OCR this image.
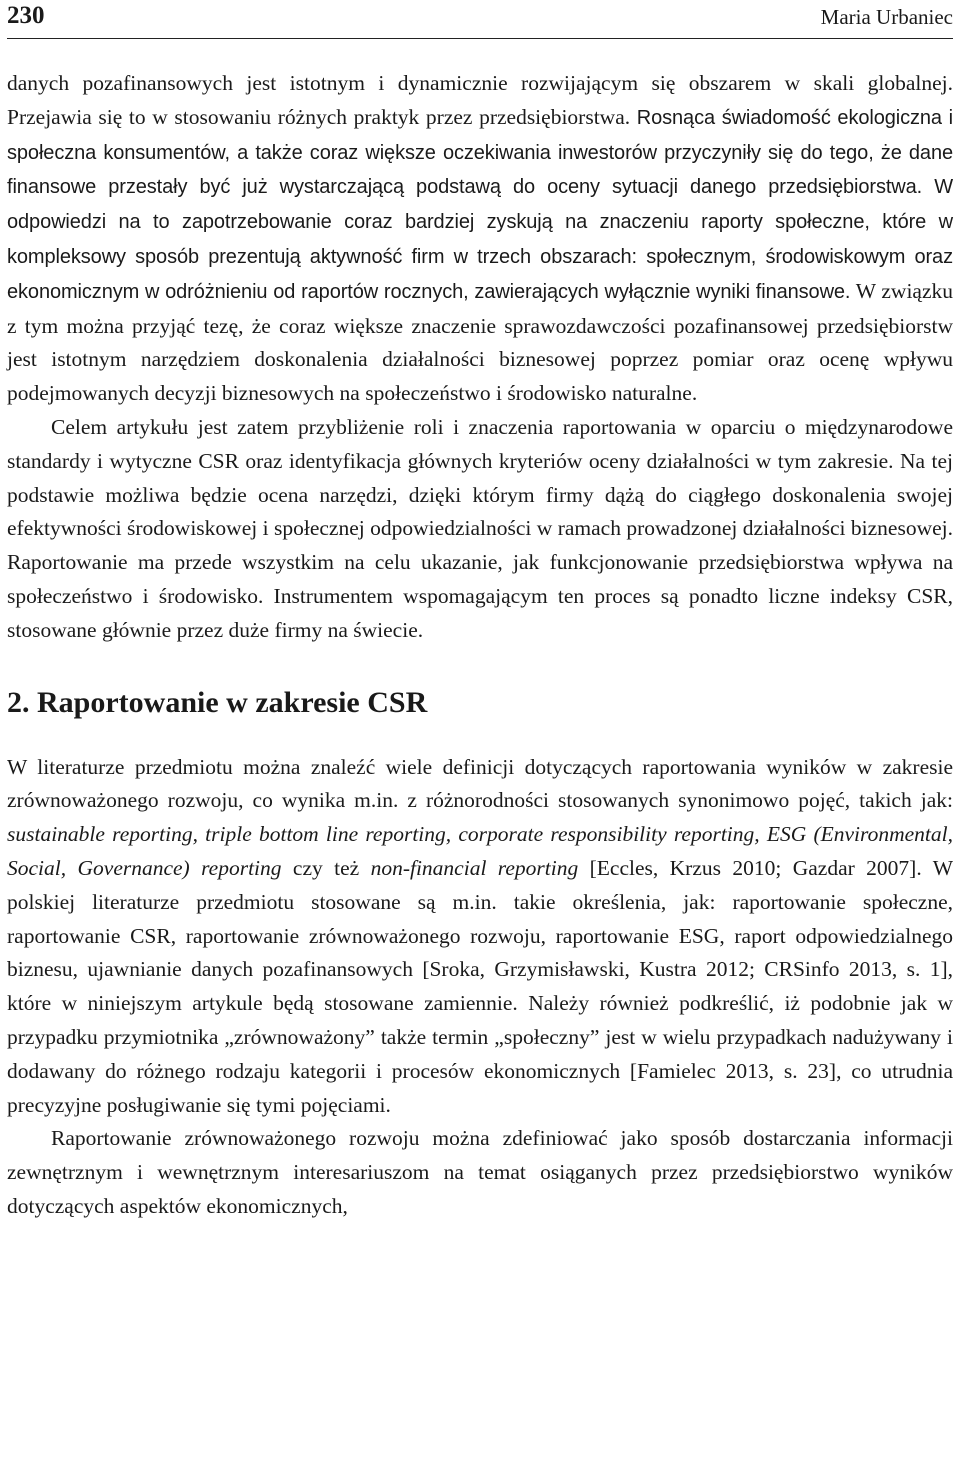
230	Maria Urbaniec

danych pozafinansowych jest istotnym i dynamicznie rozwijającym się obszarem w skali globalnej. Przejawia się to w stosowaniu różnych praktyk przez przedsiębiorstwa. Rosnąca świadomość ekologiczna i społeczna konsumentów, a także coraz większe oczekiwania inwestorów przyczyniły się do tego, że dane finansowe przestały być już wystarczającą podstawą do oceny sytuacji danego przedsiębiorstwa. W odpowiedzi na to zapotrzebowanie coraz bardziej zyskują na znaczeniu raporty społeczne, które w kompleksowy sposób prezentują aktywność firm w trzech obszarach: społecznym, środowiskowym oraz ekonomicznym w odróżnieniu od raportów rocznych, zawierających wyłącznie wyniki finansowe. W związku z tym można przyjąć tezę, że coraz większe znaczenie sprawozdawczości pozafinansowej przedsiębiorstw jest istotnym narzędziem doskonalenia działalności biznesowej poprzez pomiar oraz ocenę wpływu podejmowanych decyzji biznesowych na społeczeństwo i środowisko naturalne.

Celem artykułu jest zatem przybliżenie roli i znaczenia raportowania w oparciu o międzynarodowe standardy i wytyczne CSR oraz identyfikacja głównych kryteriów oceny działalności w tym zakresie. Na tej podstawie możliwa będzie ocena narzędzi, dzięki którym firmy dążą do ciągłego doskonalenia swojej efektywności środowiskowej i społecznej odpowiedzialności w ramach prowadzonej działalności biznesowej. Raportowanie ma przede wszystkim na celu ukazanie, jak funkcjonowanie przedsiębiorstwa wpływa na społeczeństwo i środowisko. Instrumentem wspomagającym ten proces są ponadto liczne indeksy CSR, stosowane głównie przez duże firmy na świecie.

2. Raportowanie w zakresie CSR

W literaturze przedmiotu można znaleźć wiele definicji dotyczących raportowania wyników w zakresie zrównoważonego rozwoju, co wynika m.in. z różnorodności stosowanych synonimowo pojęć, takich jak: sustainable reporting, triple bottom line reporting, corporate responsibility reporting, ESG (Environmental, Social, Governance) reporting czy też non-financial reporting [Eccles, Krzus 2010; Gazdar 2007]. W polskiej literaturze przedmiotu stosowane są m.in. takie określenia, jak: raportowanie społeczne, raportowanie CSR, raportowanie zrównoważonego rozwoju, raportowanie ESG, raport odpowiedzialnego biznesu, ujawnianie danych pozafinansowych [Sroka, Grzymisławski, Kustra 2012; CRSinfo 2013, s. 1], które w niniejszym artykule będą stosowane zamiennie. Należy również podkreślić, iż podobnie jak w przypadku przymiotnika „zrównoważony” także termin „społeczny” jest w wielu przypadkach nadużywany i dodawany do różnego rodzaju kategorii i procesów ekonomicznych [Famielec 2013, s. 23], co utrudnia precyzyjne posługiwanie się tymi pojęciami.

Raportowanie zrównoważonego rozwoju można zdefiniować jako sposób dostarczania informacji zewnętrznym i wewnętrznym interesariuszom na temat osiąganych przez przedsiębiorstwo wyników dotyczących aspektów ekonomicznych,
